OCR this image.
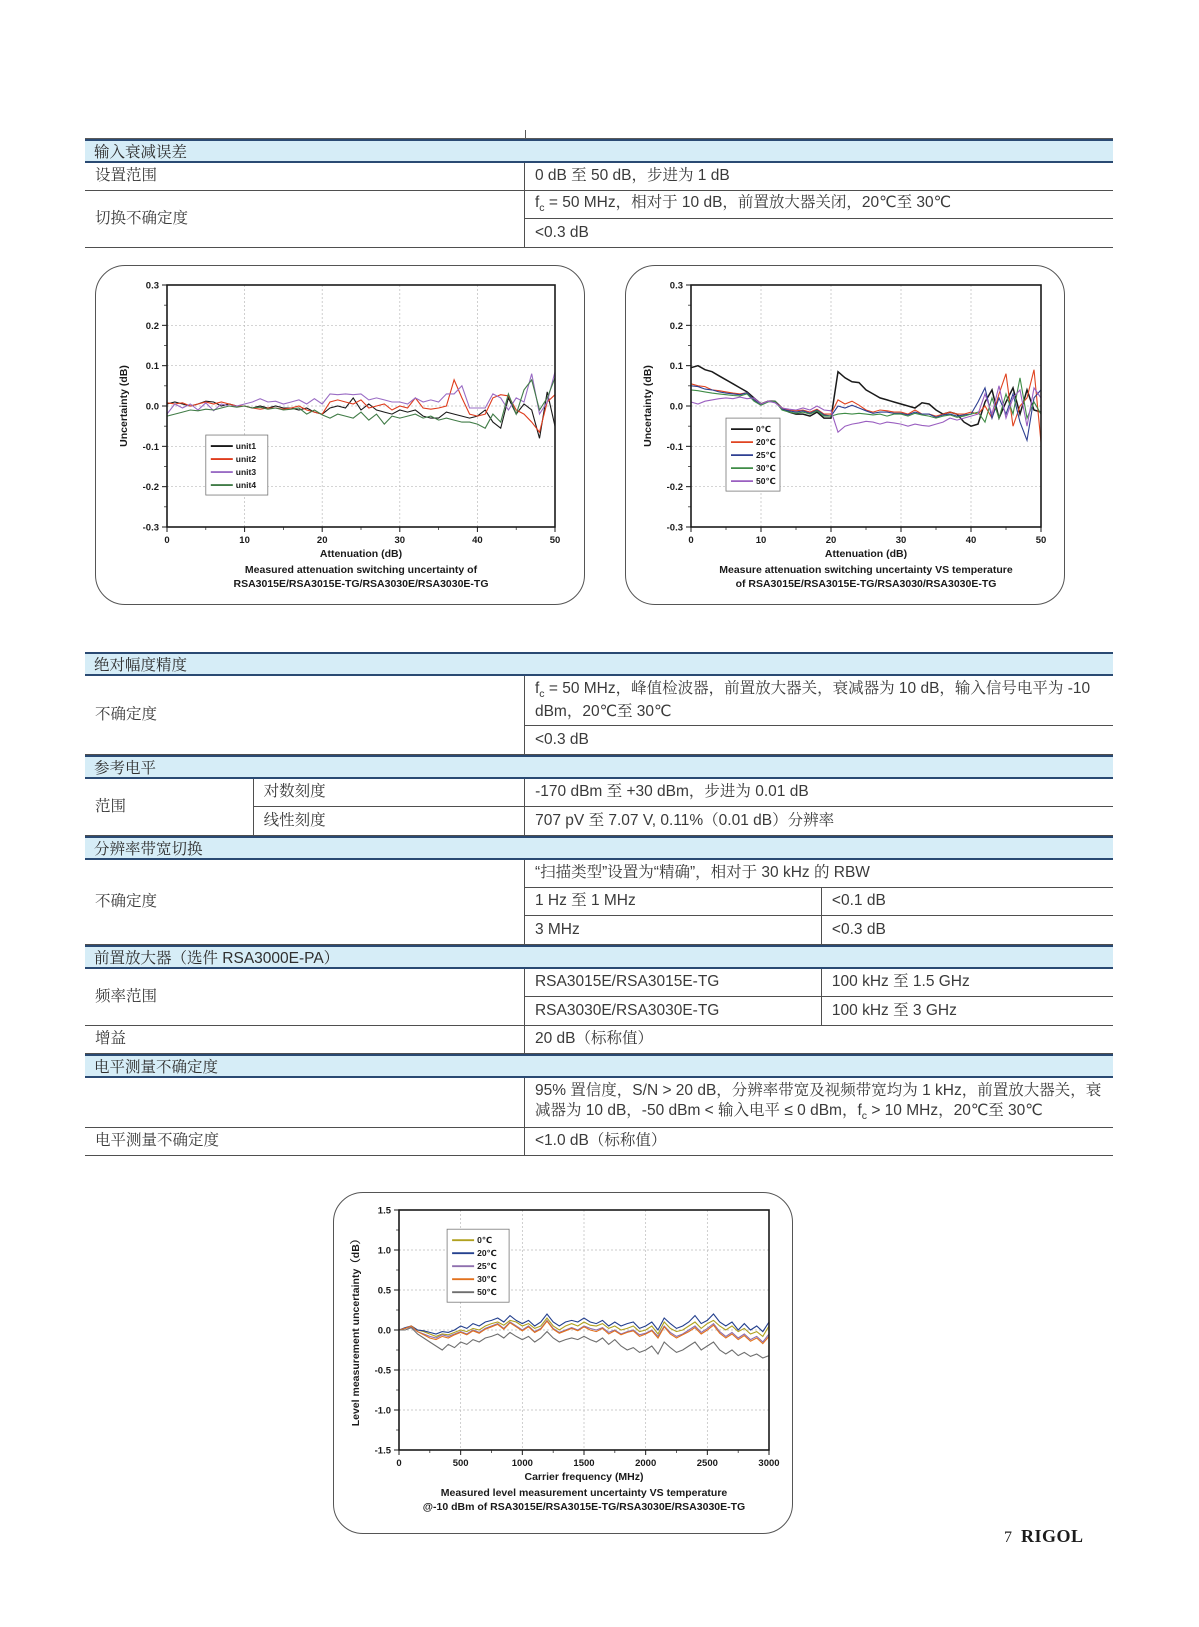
输入衰减误差
设置范围	0 dB 至 50 dB，步进为 1 dB
切换不确定度
$f_c = 50$ MHz，相对于 10 dB，前置放大器关闭，20℃至 30℃
<0.3 dB
0	10	20	30	40	50
-0.3
-0.2
-0.1
0.0
0.1
0.2
0.3
Attenuation (dB)
Uncertainty (dB)
Measured attenuation switching uncertainty of
RSA3015E/RSA3015E-TG/RSA3030E/RSA3030E-TG
unit1
unit2
unit3
unit4
0	10	20	30	40	50
-0.3
-0.2
-0.1
0.0
0.1
0.2
0.3
Attenuation (dB)
Uncertainty (dB)
Measure attenuation switching uncertainty VS temperature
of RSA3015E/RSA3015E-TG/RSA3030/RSA3030E-TG
0℃
20℃
25℃
30℃
50℃
绝对幅度精度
不确定度
$f_c = 50$ MHz，峰值检波器，前置放大器关，衰减器为 10 dB，输入信号电平为 -10 dBm，20℃至 30℃
<0.3 dB
参考电平
范围
对数刻度	-170 dBm 至 +30 dBm，步进为 0.01 dB
线性刻度	707 pV 至 7.07 V, 0.11%（0.01 dB）分辨率
分辨率带宽切换
不确定度
“扫描类型”设置为“精确”，相对于 30 kHz 的 RBW
1 Hz 至 1 MHz	<0.1 dB
3 MHz	<0.3 dB
前置放大器（选件 RSA3000E-PA）
频率范围
RSA3015E/RSA3015E-TG	100 kHz 至 1.5 GHz
RSA3030E/RSA3030E-TG	100 kHz 至 3 GHz
增益	20 dB（标称值）
电平测量不确定度
95% 置信度，S/N > 20 dB，分辨率带宽及视频带宽均为 1 kHz，前置放大器关，衰减器为 10 dB，-50 dBm < 输入电平 ≤ 0 dBm，$f_c > 10$ MHz，20℃至 30℃
电平测量不确定度	<1.0 dB（标称值）
0	500	1000	1500	2000	2500	3000
-1.5
-1.0
-0.5
0.0
0.5
1.0
1.5
Carrier frequency (MHz)
Level measurement uncertainty（dB）
Measured level measurement uncertainty VS temperature
@-10 dBm of RSA3015E/RSA3015E-TG/RSA3030E/RSA3030E-TG
0℃
20℃
25℃
30℃
50℃
7 RIGOL
